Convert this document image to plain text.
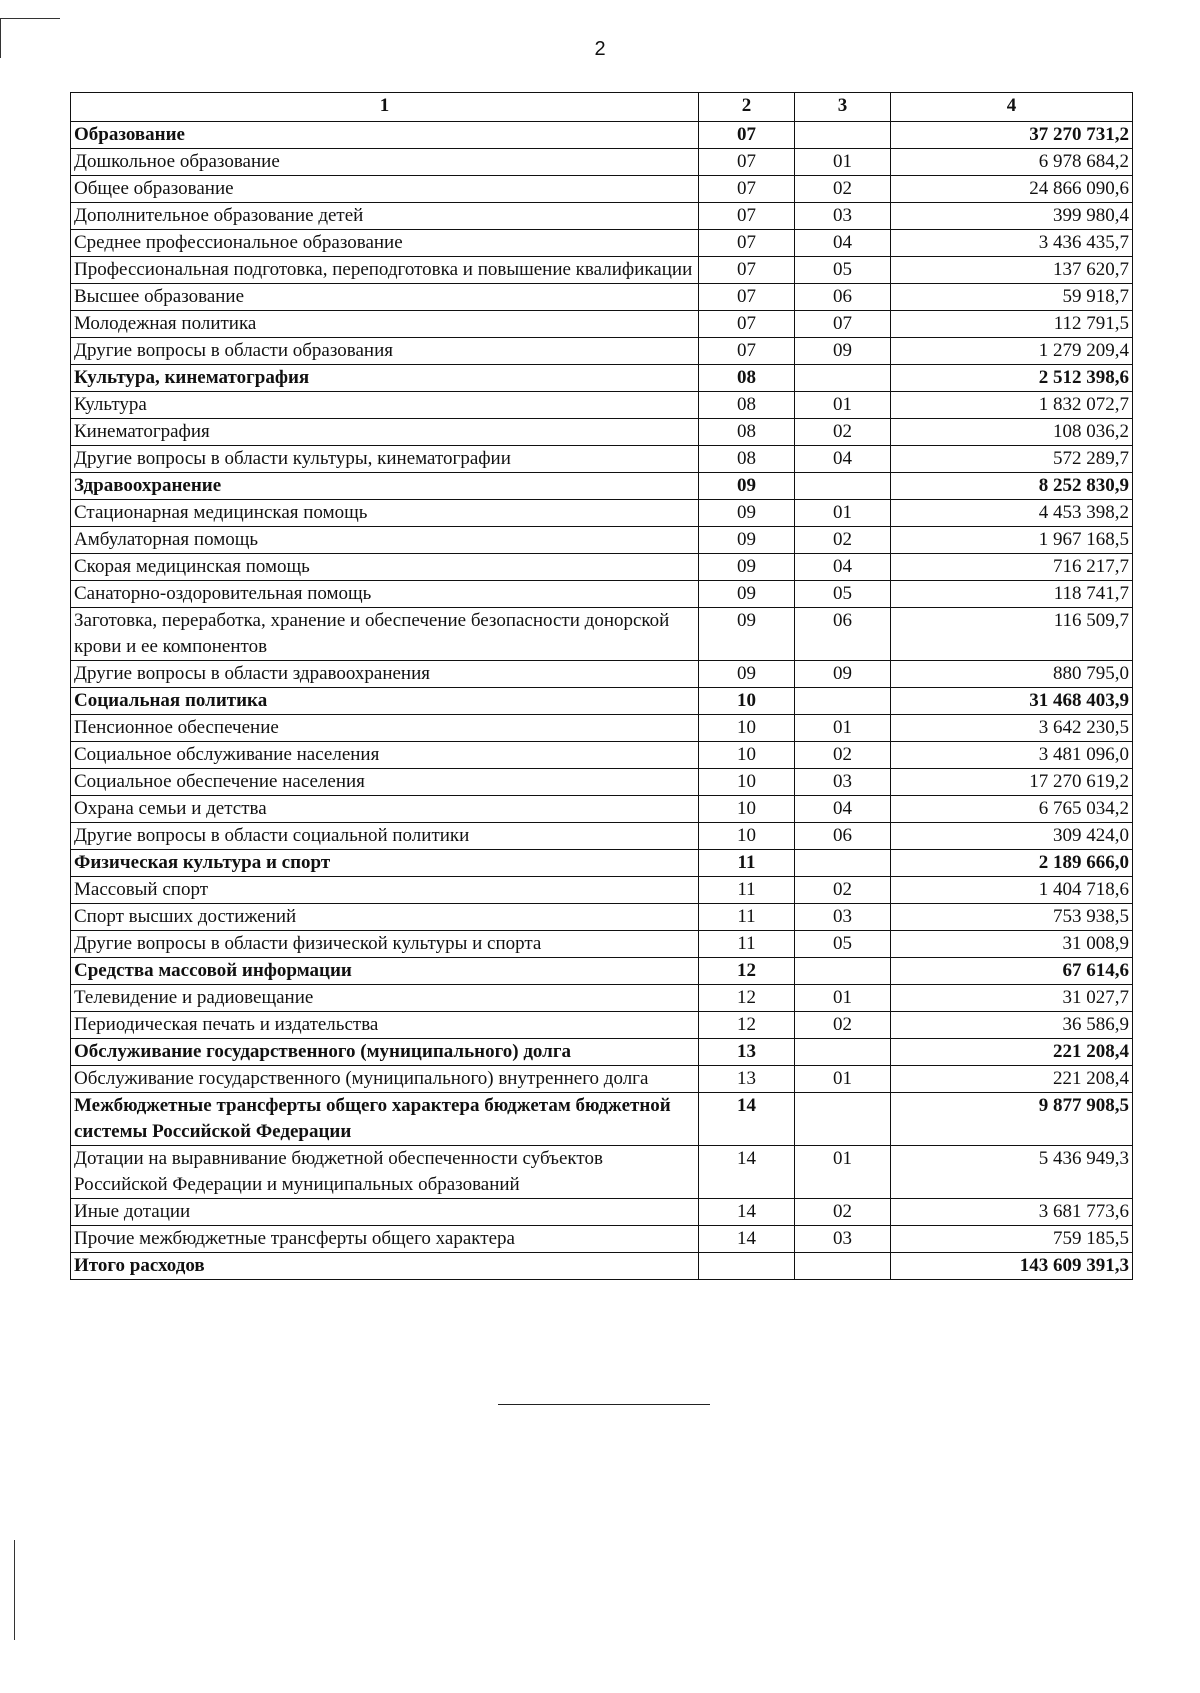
2
1	2	3	4
Образование	07		37 270 731,2
Дошкольное образование	07	01	6 978 684,2
Общее образование	07	02	24 866 090,6
Дополнительное образование детей	07	03	399 980,4
Среднее профессиональное образование	07	04	3 436 435,7
Профессиональная подготовка, переподготовка и повышение квалификации	07	05	137 620,7
Высшее образование	07	06	59 918,7
Молодежная политика	07	07	112 791,5
Другие вопросы в области образования	07	09	1 279 209,4
Культура, кинематография	08		2 512 398,6
Культура	08	01	1 832 072,7
Кинематография	08	02	108 036,2
Другие вопросы в области культуры, кинематографии	08	04	572 289,7
Здравоохранение	09		8 252 830,9
Стационарная медицинская помощь	09	01	4 453 398,2
Амбулаторная помощь	09	02	1 967 168,5
Скорая медицинская помощь	09	04	716 217,7
Санаторно-оздоровительная помощь	09	05	118 741,7
Заготовка, переработка, хранение и обеспечение безопасности донорской крови и ее компонентов	09	06	116 509,7
Другие вопросы в области здравоохранения	09	09	880 795,0
Социальная политика	10		31 468 403,9
Пенсионное обеспечение	10	01	3 642 230,5
Социальное обслуживание населения	10	02	3 481 096,0
Социальное обеспечение населения	10	03	17 270 619,2
Охрана семьи и детства	10	04	6 765 034,2
Другие вопросы в области социальной политики	10	06	309 424,0
Физическая культура и спорт	11		2 189 666,0
Массовый спорт	11	02	1 404 718,6
Спорт высших достижений	11	03	753 938,5
Другие вопросы в области физической культуры и спорта	11	05	31 008,9
Средства массовой информации	12		67 614,6
Телевидение и радиовещание	12	01	31 027,7
Периодическая печать и издательства	12	02	36 586,9
Обслуживание государственного (муниципального) долга	13		221 208,4
Обслуживание государственного (муниципального) внутреннего долга	13	01	221 208,4
Межбюджетные трансферты общего характера бюджетам бюджетной системы Российской Федерации	14		9 877 908,5
Дотации на выравнивание бюджетной обеспеченности субъектов Российской Федерации и муниципальных образований	14	01	5 436 949,3
Иные дотации	14	02	3 681 773,6
Прочие межбюджетные трансферты общего характера	14	03	759 185,5
Итого расходов			143 609 391,3
